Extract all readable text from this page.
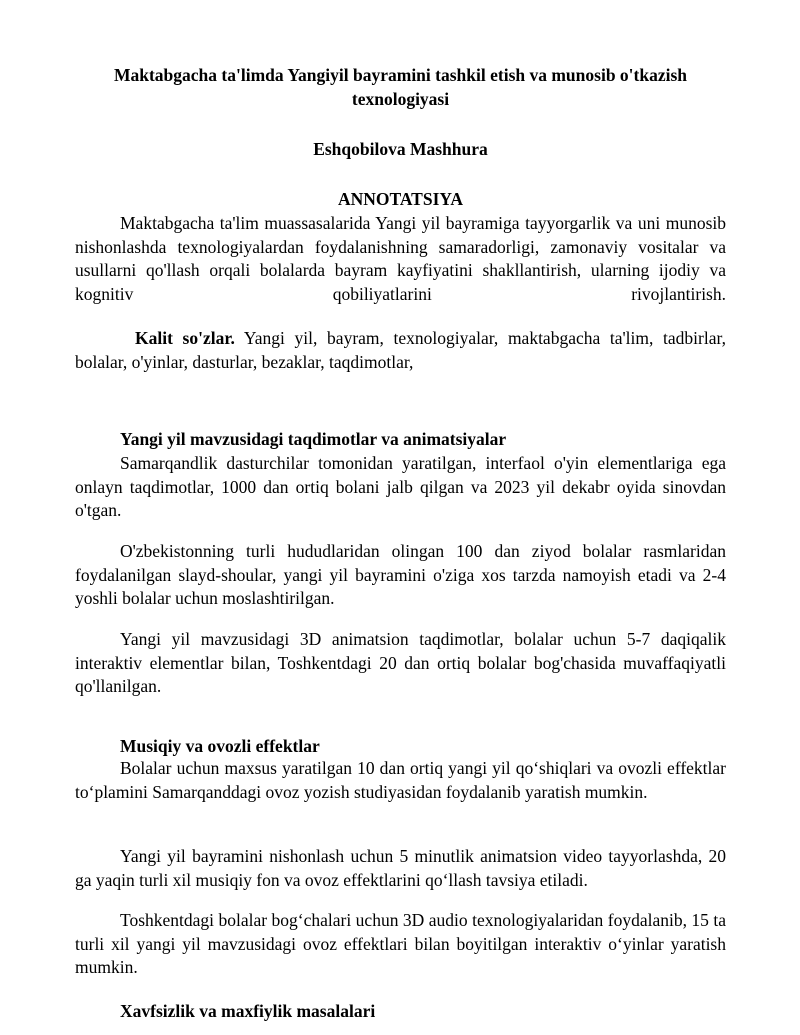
Maktabgacha ta'limda Yangiyil bayramini tashkil etish va munosib o'tkazish texnologiyasi
Eshqobilova Mashhura
ANNOTATSIYA

Maktabgacha ta'lim muassasalarida Yangi yil bayramiga tayyorgarlik va uni munosib nishonlashda texnologiyalardan foydalanishning samaradorligi, zamonaviy vositalar va usullarni qo'llash orqali bolalarda bayram kayfiyatini shakllantirish, ularning ijodiy va kognitiv qobiliyatlarini rivojlantirish.

Kalit so'zlar. Yangi yil, bayram, texnologiyalar, maktabgacha ta'lim, tadbirlar, bolalar, o'yinlar, dasturlar, bezaklar, taqdimotlar,

Yangi yil mavzusidagi taqdimotlar va animatsiyalar

Samarqandlik dasturchilar tomonidan yaratilgan, interfaol o'yin elementlariga ega onlayn taqdimotlar, 1000 dan ortiq bolani jalb qilgan va 2023 yil dekabr oyida sinovdan o'tgan.

O'zbekistonning turli hududlaridan olingan 100 dan ziyod bolalar rasmlaridan foydalanilgan slayd-shoular, yangi yil bayramini o'ziga xos tarzda namoyish etadi va 2-4 yoshli bolalar uchun moslashtirilgan.

Yangi yil mavzusidagi 3D animatsion taqdimotlar, bolalar uchun 5-7 daqiqalik interaktiv elementlar bilan, Toshkentdagi 20 dan ortiq bolalar bog'chasida muvaffaqiyatli qo'llanilgan.

Musiqiy va ovozli effektlar

Bolalar uchun maxsus yaratilgan 10 dan ortiq yangi yil qo‘shiqlari va ovozli effektlar to‘plamini Samarqanddagi ovoz yozish studiyasidan foydalanib yaratish mumkin.

Yangi yil bayramini nishonlash uchun 5 minutlik animatsion video tayyorlashda, 20 ga yaqin turli xil musiqiy fon va ovoz effektlarini qo‘llash tavsiya etiladi.

Toshkentdagi bolalar bog‘chalari uchun 3D audio texnologiyalaridan foydalanib, 15 ta turli xil yangi yil mavzusidagi ovoz effektlari bilan boyitilgan interaktiv o‘yinlar yaratish mumkin.

Xavfsizlik va maxfiylik masalalari
